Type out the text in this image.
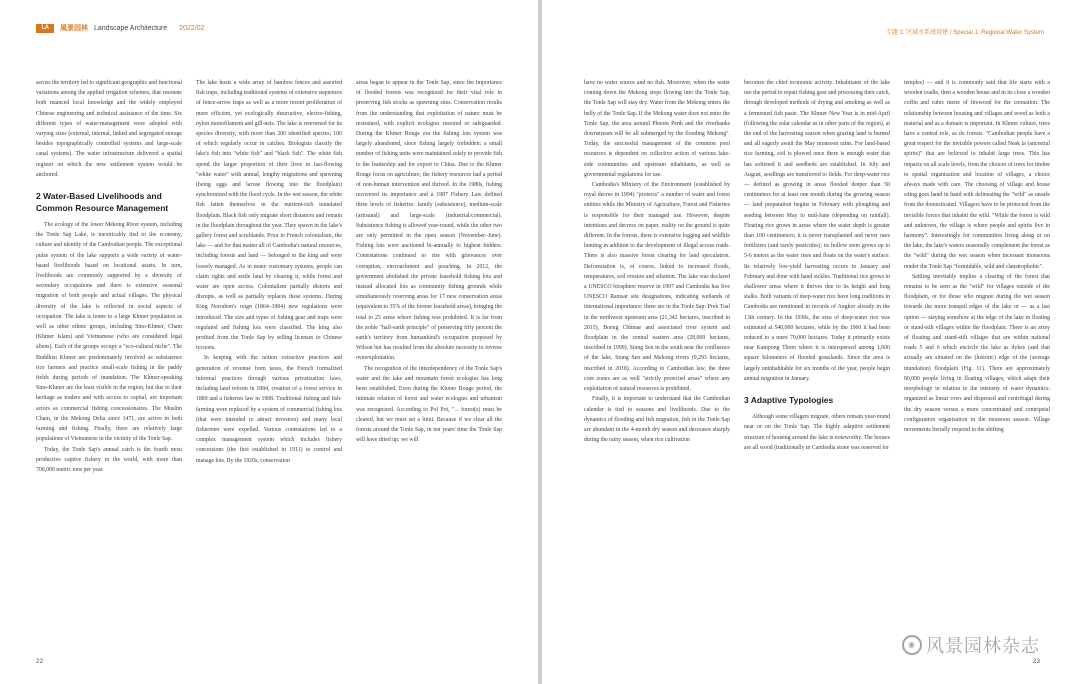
LA	風景园林 Landscape Architecture 2022/02

across the territory led to significant geographic and functional variations among the applied irrigation schemes, that resonate both nuanced local knowledge and the widely employed Chinese engineering and technical assistance of the time. Six different types of water-management were adopted with varying sizes (external, internal, linked and segregated storage besides topographically controlled systems and large-scale canal systems). The water infrastructure delivered a spatial register on which the new settlement system would be anchored.

2 Water-Based Livelihoods and Common Resource Management

The ecology of the lower Mekong River system, including the Tonle Sap Lake, is inextricably tied to the economy, culture and identity of the Cambodian people. The exceptional pulse system of the lake supports a wide variety of water-based livelihoods based on locational assets. In turn, livelihoods are commonly supported by a diversity of secondary occupations and there is extensive seasonal migration of both people and actual villages. The physical diversity of the lake is reflected in social aspects of occupation. The lake is home to a large Khmer population as well as other ethnic groups, including Sino-Khmer, Cham (Khmer Islam) and Vietnamese (who are considered legal aliens). Each of the groups occupy a "eco-cultural niche". The Buddhist Khmer are predominately involved as subsistence rice farmers and practice small-scale fishing in the paddy fields during periods of inundation. The Khmer-speaking Sino-Khmer are the least visible in the region, but due to their heritage as traders and with access to capital, are important actors as commercial fishing concessionaires. The Muslim Cham, in the Mekong Delta since 1471, are active in both farming and fishing. Finally, there are relatively large populations of Vietnamese in the vicinity of the Tonle Sap.

Today, the Tonle Sap's annual catch is the fourth most productive captive fishery in the world, with more than 700,000 metric tons per year.

The lake hosts a wide array of bamboo fences and assorted fish traps, including traditional systems of extensive sequences of fence-arrow traps as well as a more recent proliferation of more efficient, yet ecologically destructive, electro-fishing, nylon monofilament and gill-nets. The lake is renowned for its species diversity, with more than 200 identified species; 100 of which regularly occur in catches. Biologists classify the lake's fish into "white fish" and "black fish". The white fish spend the larger proportion of their lives in fast-flowing "white water" with annual, lengthy migrations and spawning (being eggs and larvae flowing into the floodplain) synchronized with the flood cycle. In the wet season, the white fish fatten themselves in the nutrient-rich inundated floodplain. Black fish only migrate short distances and remain in the floodplain throughout the year. They spawn in the lake's gallery forest and scrublands. Prior to French colonialism, the lake — and for that matter all of Cambodia's natural resources, including forests and land — belonged to the king and were loosely managed. As in many customary systems, people can claim rights and settle land by clearing it, while forest and water are open access. Colonialism partially distorts and disrupts, as well as partially replaces these systems. During King Norodom's reign (1864–1904) new regulations were introduced. The size and types of fishing gear and traps were regulated and fishing lots were classified. The king also profited from the Tonle Sap by selling licenses to Chinese tycoons.

In keeping with the notion extractive practices and generation of revenue from taxes, the French formalized informal practices through various privatization laws, including land reform in 1884, creation of a forest service in 1889 and a fisheries law in 1908. Traditional fishing and fish-farming were replaced by a system of commercial fishing lots (that were intended to attract investors) and many local fishermen were expelled. Various contestations led to a complex management system which includes fishery concessions (the first established in 1911) to control and manage lots. By the 1920s, conservation

areas began to appear in the Tonle Sap, since the importance of flooded forests was recognized for their vital role in preserving fish stocks as spawning sites. Conservation results from the understanding that exploitation of nature must be restrained, with explicit ecologies restored or safeguarded. During the Khmer Rouge era the fishing lots system was largely abandoned, since fishing largely forbidden; a small number of fishing units were maintained solely to provide fish to the leadership and for export to China. Due to the Khmer Rouge focus on agriculture, the fishery resources had a period of non-human intervention and thrived. In the 1980s, fishing recovered its importance and a 1987 Fishery Law defined three levels of fisheries: family (subsistence), medium-scale (artisanal) and large-scale (industrial/commercial). Subsistence fishing is allowed year-round, while the other two are only permitted in the open season (November–June). Fishing lots were auctioned bi-annually to highest bidders. Contestations continued to rise with grievances over corruption, encroachment and poaching. In 2012, the government abolished the private leasehold fishing lots and instead allocated lots as community fishing grounds while simultaneously reserving areas for 17 new conservation areas (equivalent to 35% of the former leasehold areas), bringing the total to 25 areas where fishing was prohibited. It is far from the noble "half-earth principle" of preserving fifty percent the earth's territory from humankind's occupation proposed by Wilson but has resulted from the absolute necessity to reverse overexploitation.

The recognition of the interdependency of the Tonle Sap's water and the lake and mountain forest ecologies has long been established. Even during the Khmer Rouge period, the intimate relation of forest and water ecologies and urbanism was recognized. According to Pol Pot, "... forest(s) must be cleared, but we must set a limit. Because if we clear all the forests around the Tonle Sap, in ten years' time the Tonle Sap will have dried up; we will

22
专题 1: 区域水系统营建 / Special 1: Regional Water System

have no water source and no fish. Moreover, when the water coming down the Mekong stops flowing into the Tonle Sap, the Tonle Sap will stay dry. Water from the Mekong enters the belly of the Tonle Sap. If the Mekong water does not enter the Tonle Sap, the area around Phnom Penh and the riverbanks downstream will be all submerged by the flooding Mekong". Today, the successful management of the common pool resources is dependent on collective action of various lake-side communities and upstream inhabitants, as well as governmental regulations for use.

Cambodia's Ministry of the Environment (established by royal decree in 1994) "protects" a number of water and forest entities while the Ministry of Agriculture, Forest and Fisheries is responsible for their managed use. However, despite intentions and decrees on paper, reality on the ground is quite different. In the forests, there is extensive logging and wildlife hunting in addition to the development of illegal access roads. There is also massive forest clearing for land speculation. Deforestation is, of course, linked to increased floods, temperatures, soil erosion and siltation. The lake was declared a UNESCO biosphere reserve in 1997 and Cambodia has five UNESCO Ramsar site designations, indicating wetlands of international importance; three are in the Tonle Sap: Prek Toal in the northwest upstream area (21,342 hectares, inscribed in 2015), Boeng Chhmar and associated river system and floodplain in the central eastern area (28,000 hectares, inscribed in 1999), Stung Sen in the south near the confluence of the lake, Stung Sen and Mekong rivers (9,293 hectares, inscribed in 2018). According to Cambodian law, the three core zones are as well "strictly protected areas" where any exploitation of natural resources is prohibited.

Finally, it is important to understand that the Cambodian calendar is tied to seasons and livelihoods. Due to the dynamics of flooding and fish migration, fish in the Tonle Sap are abundant in the 4-month dry season and decreases sharply during the rainy season, when rice cultivation

becomes the chief economic activity. Inhabitants of the lake use the period to repair fishing gear and processing their catch, through developed methods of drying and smoking as well as a fermented fish paste. The Khmer New Year is in mid-April (following the solar calendar as in other parts of the region), at the end of the harvesting season when grazing land is burned and all eagerly await the May monsoon rains. For land-based rice farming, soil is plowed once there is enough water that has softened it and seedbeds are established. In July and August, seedlings are transferred to fields. For deep-water rice — defined as growing in areas flooded deeper than 50 centimeters for at least one month during the growing season — land preparation begins in February with ploughing and seeding between May to mid-June (depending on rainfall). Floating rice grows in areas where the water depth is greater than 100 centimeters; it is never transplanted and never uses fertilizers (and rarely pesticides); its hollow stem grows up to 5-6 meters as the water rises and floats on the water's surface. Its relatively low-yield harvesting occurs in January and February and done with hand sickles. Traditional rice grows in shallower areas where it thrives due to its height and long stalks. Both variants of deep-water rice have long traditions in Cambodia are mentioned in records of Angkor already in the 13th century. In the 1930s, the area of deep-water rice was estimated at 540,000 hectares, while by the 1960 it had been reduced to a mere 70,000 hectares. Today it primarily exists near Kampong Thom where it is interspersed among 1,600 square kilometers of flooded grasslands. Since the area is largely uninhabitable for six months of the year, people begin annual migration in January.

3 Adaptive Typologies

Although some villagers migrate, others remain year-round near or on the Tonle Sap. The highly adaptive settlement structure of housing around the lake is noteworthy. The houses are all wood (traditionally in Cambodia stone was reserved for

temples) — and it is commonly said that life starts with a wooden cradle, then a wooden house and in its close a wooden coffin and cubic meter of firewood for the cremation. The relationship between housing and villages and wood as both a material and as a domain is important. In Khmer culture, trees have a central role, as do forests. "Cambodian people have a great respect for the invisible powers called Neak ta (ancestral spirits)" that are believed to inhabit large trees. This has impacts on all scale levels, from the choices of trees for timber to spatial organization and location of villages, a choice always made with care. The choosing of village and house siting goes hand in hand with delineating the "wild" as unsafe from the domesticated. Villagers have to be protected from the invisible forces that inhabit the wild. "While the forest is wild and unknown, the village is where people and spirits live in harmony". Interestingly for communities living along or on the lake, the lake's waters seasonally complement the forest as the "wild" during the wet season when incessant monsoons render the Tonle Sap "formidable, wild and claustrophobic".

Settling inevitably implies a clearing of the forest that remains to be seen as the "wild" for villages outside of the floodplain, or for those who migrate during the wet season towards the more tranquil edges of the lake or — as a last option — staying somehow at the edge of the lake in floating or stand-stilt villages within the floodplain. There is an array of floating and stand-stilt villages that are within national roads 5 and 6 which encircle the lake as dykes (and that actually are situated on the (historic) edge of the (average inundation) floodplain (Fig. 11). There are approximately 80,000 people living in floating villages, which adapt their morphology in relation to the intensity of water dynamics: organized as linear rows and dispersed and centrifugal during the dry season versus a more concentrated and centripetal configuration organization in the monsoon season. Village movements literally respond to the shifting

23
◉ 风景园林杂志
